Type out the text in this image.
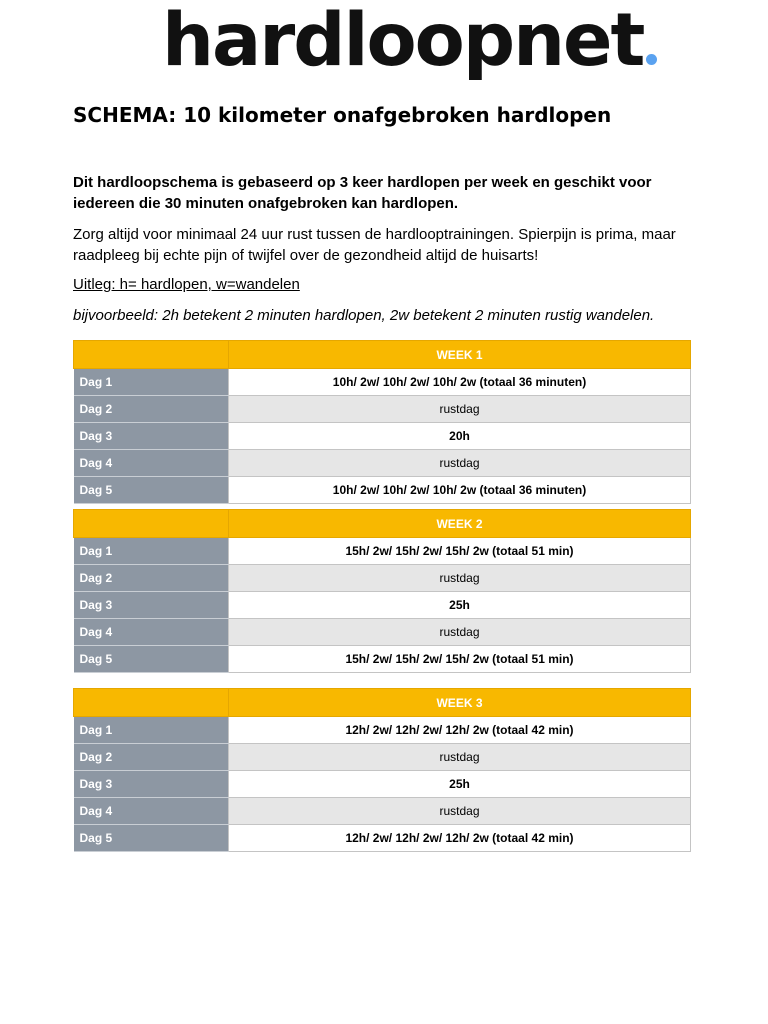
hardloopnet
SCHEMA: 10 kilometer onafgebroken hardlopen

Dit hardloopschema is gebaseerd op 3 keer hardlopen per week en geschikt voor iedereen die 30 minuten onafgebroken kan hardlopen.

Zorg altijd voor minimaal 24 uur rust tussen de hardlooptrainingen. Spierpijn is prima, maar raadpleeg bij echte pijn of twijfel over de gezondheid altijd de huisarts!

Uitleg: h= hardlopen, w=wandelen

bijvoorbeeld: 2h betekent 2 minuten hardlopen, 2w betekent 2 minuten rustig wandelen.

	WEEK 1
Dag 1	10h/ 2w/ 10h/ 2w/ 10h/ 2w (totaal 36 minuten)
Dag 2	rustdag
Dag 3	20h
Dag 4	rustdag
Dag 5	10h/ 2w/ 10h/ 2w/ 10h/ 2w (totaal 36 minuten)
	WEEK 2
Dag 1	15h/ 2w/ 15h/ 2w/ 15h/ 2w (totaal 51 min)
Dag 2	rustdag
Dag 3	25h
Dag 4	rustdag
Dag 5	15h/ 2w/ 15h/ 2w/ 15h/ 2w (totaal 51 min)
	WEEK 3
Dag 1	12h/ 2w/ 12h/ 2w/ 12h/ 2w (totaal 42 min)
Dag 2	rustdag
Dag 3	25h
Dag 4	rustdag
Dag 5	12h/ 2w/ 12h/ 2w/ 12h/ 2w (totaal 42 min)
